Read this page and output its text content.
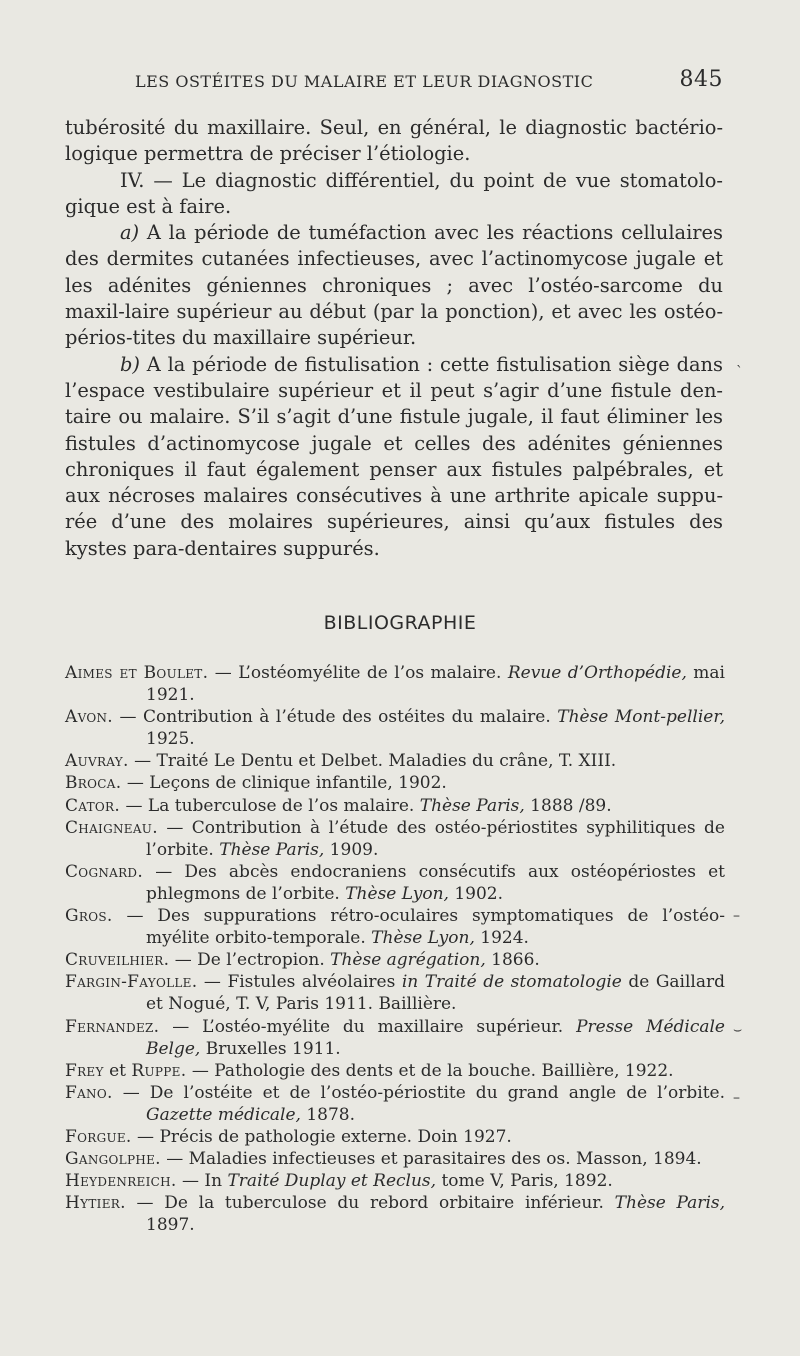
LES OSTÉITES DU MALAIRE ET LEUR DIAGNOSTIC	845

tubérosité du maxillaire. Seul, en général, le diagnostic bactério-logique permettra de préciser l’étiologie.

IV. — Le diagnostic différentiel, du point de vue stomatolo-gique est à faire.

a) A la période de tuméfaction avec les réactions cellulaires des dermites cutanées infectieuses, avec l’actinomycose jugale et les adénites géniennes chroniques ; avec l’ostéo-sarcome du maxil-laire supérieur au début (par la ponction), et avec les ostéo-périos-tites du maxillaire supérieur.

b) A la période de fistulisation : cette fistulisation siège dans l’espace vestibulaire supérieur et il peut s’agir d’une fistule den-taire ou malaire. S’il s’agit d’une fistule jugale, il faut éliminer les fistules d’actinomycose jugale et celles des adénites géniennes chroniques il faut également penser aux fistules palpébrales, et aux nécroses malaires consécutives à une arthrite apicale suppu-rée d’une des molaires supérieures, ainsi qu’aux fistules des kystes para-dentaires suppurés.

BIBLIOGRAPHIE

Aimes et Boulet. — L’ostéomyélite de l’os malaire. Revue d’Orthopédie, mai 1921.

Avon. — Contribution à l’étude des ostéites du malaire. Thèse Mont-pellier, 1925.

Auvray. — Traité Le Dentu et Delbet. Maladies du crâne, T. XIII.

Broca. — Leçons de clinique infantile, 1902.

Cator. — La tuberculose de l’os malaire. Thèse Paris, 1888 /89.

Chaigneau. — Contribution à l’étude des ostéo-périostites syphilitiques de l’orbite. Thèse Paris, 1909.

Cognard. — Des abcès endocraniens consécutifs aux ostéopériostes et phlegmons de l’orbite. Thèse Lyon, 1902.

Gros. — Des suppurations rétro-oculaires symptomatiques de l’ostéo-myélite orbito-temporale. Thèse Lyon, 1924.

Cruveilhier. — De l’ectropion. Thèse agrégation, 1866.

Fargin-Fayolle. — Fistules alvéolaires in Traité de stomatologie de Gaillard et Nogué, T. V, Paris 1911. Baillière.

Fernandez. — L’ostéo-myélite du maxillaire supérieur. Presse Médicale Belge, Bruxelles 1911.

Frey et Ruppe. — Pathologie des dents et de la bouche. Baillière, 1922.

Fano. — De l’ostéite et de l’ostéo-périostite du grand angle de l’orbite. Gazette médicale, 1878.

Forgue. — Précis de pathologie externe. Doin 1927.

Gangolphe. — Maladies infectieuses et parasitaires des os. Masson, 1894.

Heydenreich. — In Traité Duplay et Reclus, tome V, Paris, 1892.

Hytier. — De la tuberculose du rebord orbitaire inférieur. Thèse Paris, 1897.

`
–
⌣
–
